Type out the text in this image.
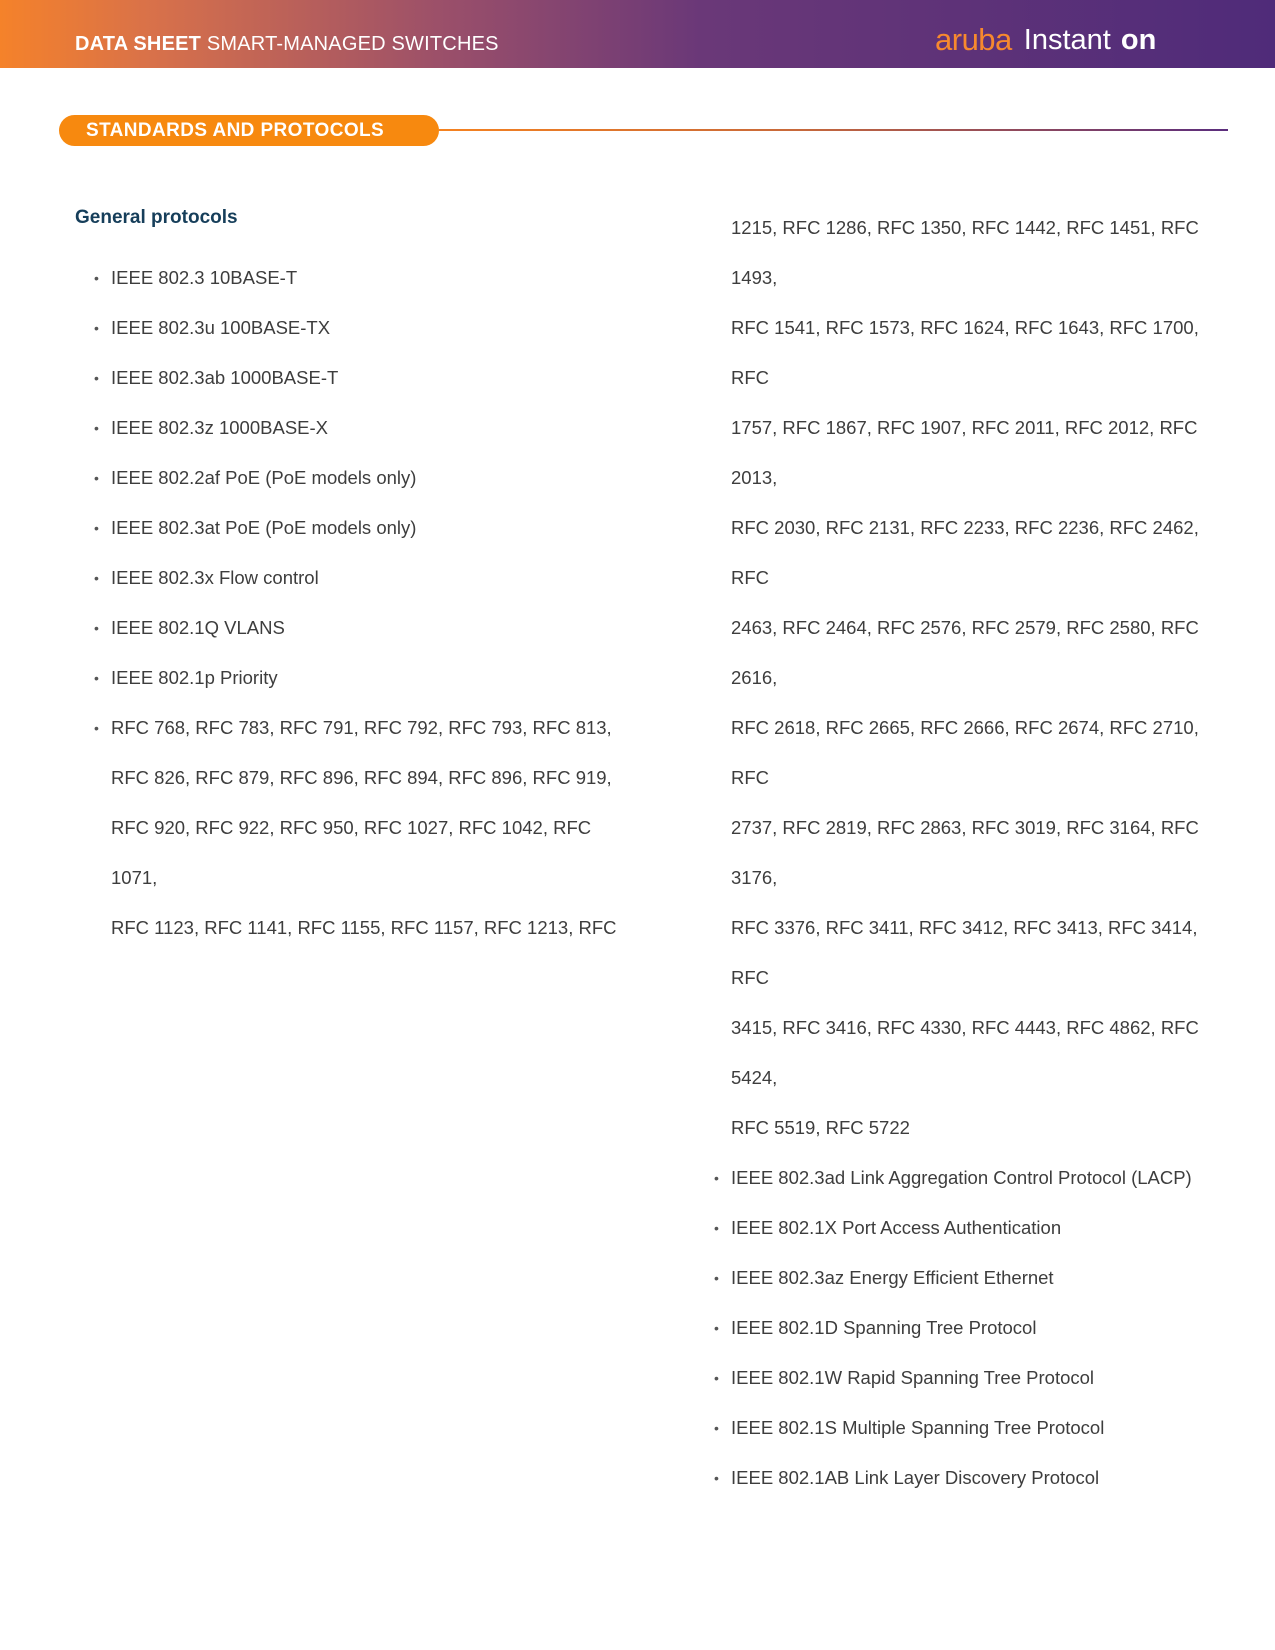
DATA SHEET SMART-MANAGED SWITCHES	aruba Instant on
STANDARDS AND PROTOCOLS
General protocols
• IEEE 802.3 10BASE-T
• IEEE 802.3u 100BASE-TX
• IEEE 802.3ab 1000BASE-T
• IEEE 802.3z 1000BASE-X
• IEEE 802.2af PoE (PoE models only)
• IEEE 802.3at PoE (PoE models only)
• IEEE 802.3x Flow control
• IEEE 802.1Q VLANS
• IEEE 802.1p Priority
• RFC 768, RFC 783, RFC 791, RFC 792, RFC 793, RFC 813,
RFC 826, RFC 879, RFC 896, RFC 894, RFC 896, RFC 919,
RFC 920, RFC 922, RFC 950, RFC 1027, RFC 1042, RFC 1071,
RFC 1123, RFC 1141, RFC 1155, RFC 1157, RFC 1213, RFC
1215, RFC 1286, RFC 1350, RFC 1442, RFC 1451, RFC 1493,
RFC 1541, RFC 1573, RFC 1624, RFC 1643, RFC 1700, RFC
1757, RFC 1867, RFC 1907, RFC 2011, RFC 2012, RFC 2013,
RFC 2030, RFC 2131, RFC 2233, RFC 2236, RFC 2462, RFC
2463, RFC 2464, RFC 2576, RFC 2579, RFC 2580, RFC 2616,
RFC 2618, RFC 2665, RFC 2666, RFC 2674, RFC 2710, RFC
2737, RFC 2819, RFC 2863, RFC 3019, RFC 3164, RFC 3176,
RFC 3376, RFC 3411, RFC 3412, RFC 3413, RFC 3414, RFC
3415, RFC 3416, RFC 4330, RFC 4443, RFC 4862, RFC 5424,
RFC 5519, RFC 5722
• IEEE 802.3ad Link Aggregation Control Protocol (LACP)
• IEEE 802.1X Port Access Authentication
• IEEE 802.3az Energy Efficient Ethernet
• IEEE 802.1D Spanning Tree Protocol
• IEEE 802.1W Rapid Spanning Tree Protocol
• IEEE 802.1S Multiple Spanning Tree Protocol
• IEEE 802.1AB Link Layer Discovery Protocol
